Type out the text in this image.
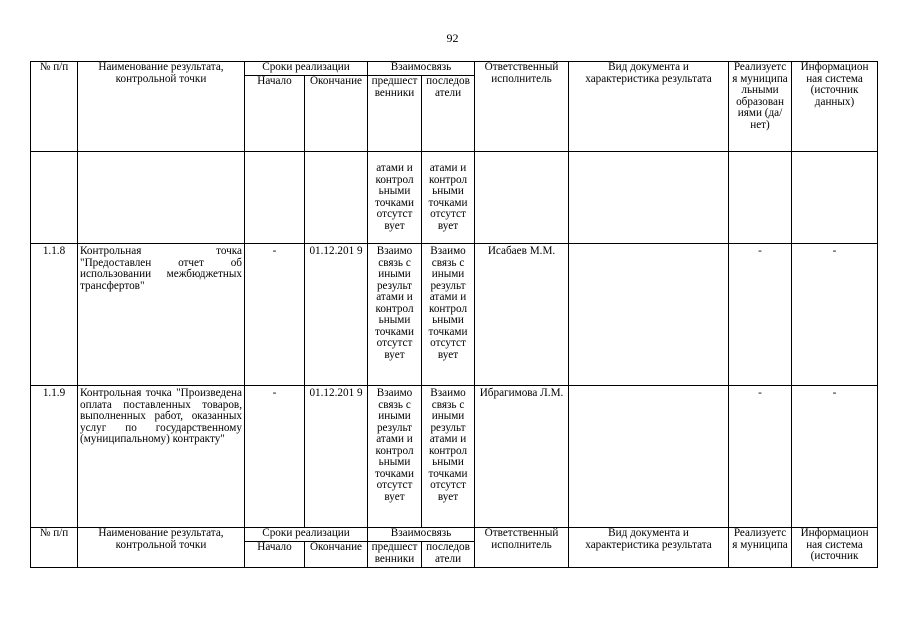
92
№ п/п	Наименование результата, контрольной точки	Сроки реализации		Взаимосвязь		Ответственный исполнитель	Вид документа и характеристика результата	Реализуетс я муниципа льными образован иями (да/нет)	Информацион ная система (источник данных)
		Начало	Окончание	предшест венники	последов атели				
				атами и контрол ьными точками отсутст вует	атами и контрол ьными точками отсутст вует				
1.1.8	Контрольная точка "Предоставлен отчет об использовании межбюджетных трансфертов"	-	01.12.201 9	Взаимо связь с иными результ атами и контрол ьными точками отсутст вует	Взаимо связь с иными результ атами и контрол ьными точками отсутст вует	Исабаев М.М.		-	-
1.1.9	Контрольная точка "Произведена оплата поставленных товаров, выполненных работ, оказанных услуг по государственному (муниципальному) контракту"	-	01.12.201 9	Взаимо связь с иными результ атами и контрол ьными точками отсутст вует	Взаимо связь с иными результ атами и контрол ьными точками отсутст вует	Ибрагимова Л.М.		-	-
№ п/п	Наименование результата, контрольной точки	Сроки реализации		Взаимосвязь		Ответственный исполнитель	Вид документа и характеристика результата	Реализуетс я муниципа	Информацион ная система (источник
		Начало	Окончание	предшест венники	последов атели				
